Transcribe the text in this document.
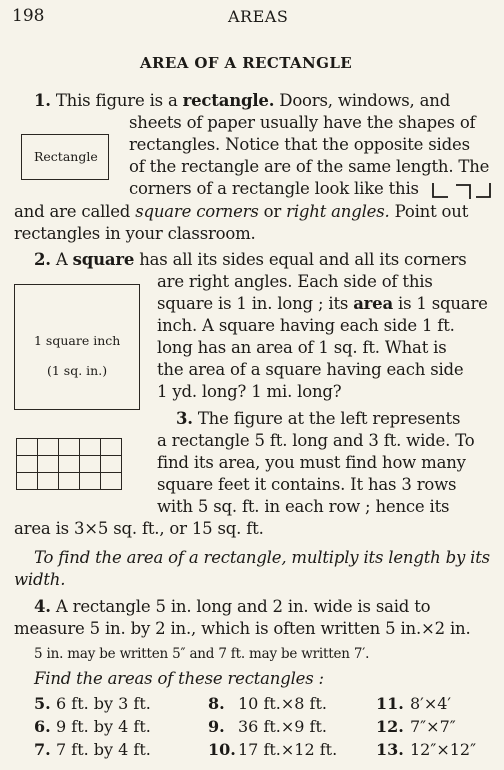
198	AREAS
AREA OF A RECTANGLE
1. This figure is a rectangle. Doors, windows, and
sheets of paper usually have the shapes of
rectangles. Notice that the opposite sides
of the rectangle are of the same length. The
corners of a rectangle look like this
and are called square corners or right angles. Point out
rectangles in your classroom.
Rectangle
2. A square has all its sides equal and all its corners
are right angles. Each side of this
square is 1 in. long ; its area is 1 square
inch. A square having each side 1 ft.
long has an area of 1 sq. ft. What is
the area of a square having each side
1 yd. long? 1 mi. long?
1 square inch
(1 sq. in.)
3. The figure at the left represents
a rectangle 5 ft. long and 3 ft. wide. To
find its area, you must find how many
square feet it contains. It has 3 rows
with 5 sq. ft. in each row ; hence its
area is 3×5 sq. ft., or 15 sq. ft.

To find the area of a rectangle, multiply its length by its
width.
4. A rectangle 5 in. long and 2 in. wide is said to
measure 5 in. by 2 in., which is often written 5 in.×2 in.
5 in. may be written 5″ and 7 ft. may be written 7′.
Find the areas of these rectangles :
5. 6 ft. by 3 ft.	8. 10 ft.×8 ft.	11. 8′×4′
6. 9 ft. by 4 ft.	9. 36 ft.×9 ft.	12. 7″×7″
7. 7 ft. by 4 ft.	10. 17 ft.×12 ft. 13. 12″×12″
